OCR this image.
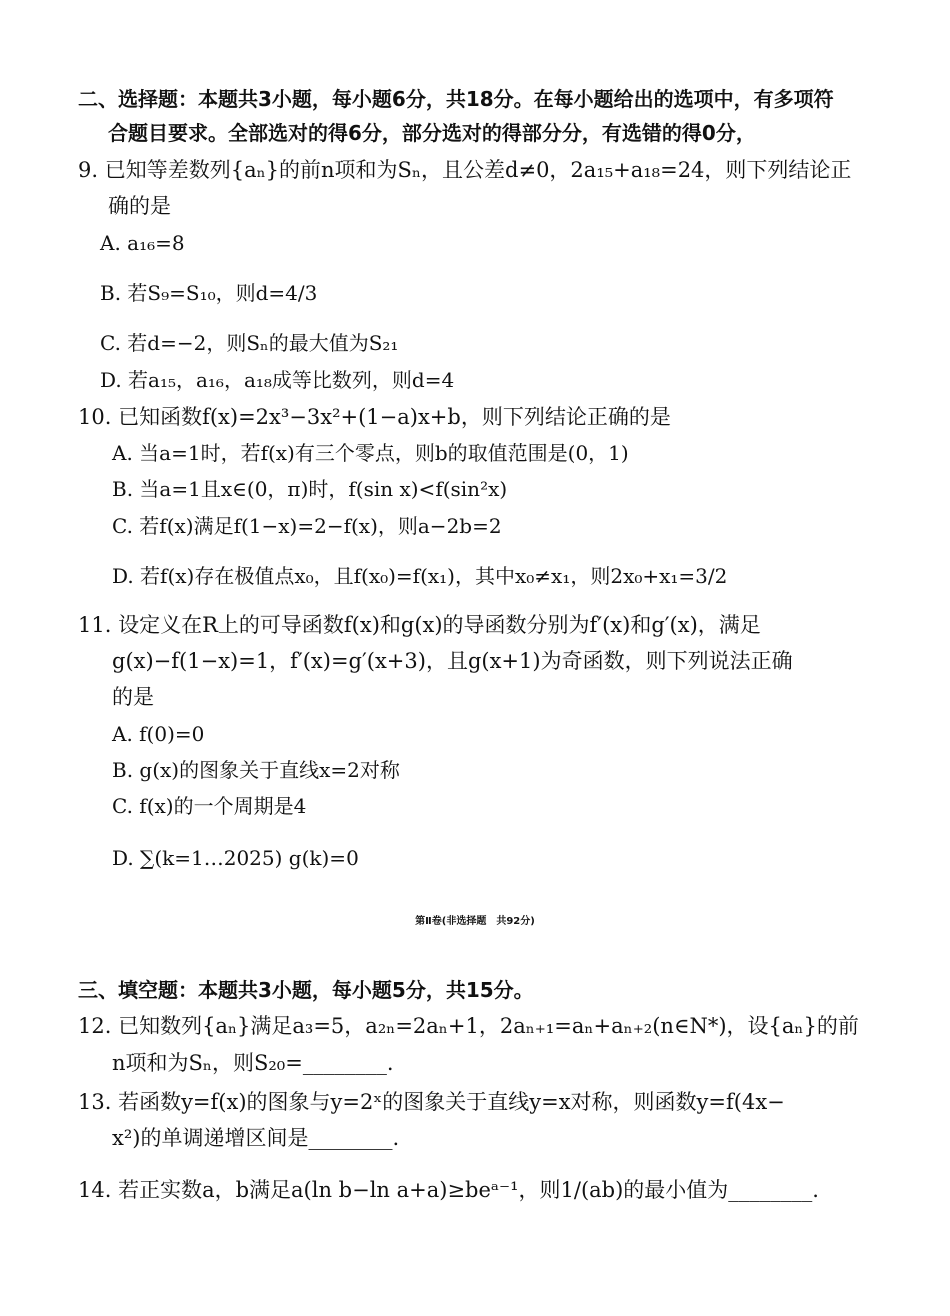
二、选择题：本题共3小题，每小题6分，共18分。在每小题给出的选项中，有多项符
合题目要求。全部选对的得6分，部分选对的得部分分，有选错的得0分，
9. 已知等差数列{aₙ}的前n项和为Sₙ，且公差d≠0，2a₁₅+a₁₈=24，则下列结论正
确的是
A. a₁₆=8
B. 若S₉=S₁₀，则d=4/3
C. 若d=−2，则Sₙ的最大值为S₂₁
D. 若a₁₅，a₁₆，a₁₈成等比数列，则d=4
10. 已知函数f(x)=2x³−3x²+(1−a)x+b，则下列结论正确的是
A. 当a=1时，若f(x)有三个零点，则b的取值范围是(0，1)
B. 当a=1且x∈(0，π)时，f(sin x)<f(sin²x)
C. 若f(x)满足f(1−x)=2−f(x)，则a−2b=2
D. 若f(x)存在极值点x₀，且f(x₀)=f(x₁)，其中x₀≠x₁，则2x₀+x₁=3/2
11. 设定义在R上的可导函数f(x)和g(x)的导函数分别为f′(x)和g′(x)，满足
g(x)−f(1−x)=1，f′(x)=g′(x+3)，且g(x+1)为奇函数，则下列说法正确
的是
A. f(0)=0
B. g(x)的图象关于直线x=2对称
C. f(x)的一个周期是4
D. ∑(k=1…2025) g(k)=0
第Ⅱ卷(非选择题　共92分)
三、填空题：本题共3小题，每小题5分，共15分。
12. 已知数列{aₙ}满足a₃=5，a₂ₙ=2aₙ+1，2aₙ₊₁=aₙ+aₙ₊₂(n∈N*)，设{aₙ}的前
n项和为Sₙ，则S₂₀=________.
13. 若函数y=f(x)的图象与y=2ˣ的图象关于直线y=x对称，则函数y=f(4x−
x²)的单调递增区间是________.
14. 若正实数a，b满足a(ln b−ln a+a)≥beᵃ⁻¹，则1/(ab)的最小值为________.
